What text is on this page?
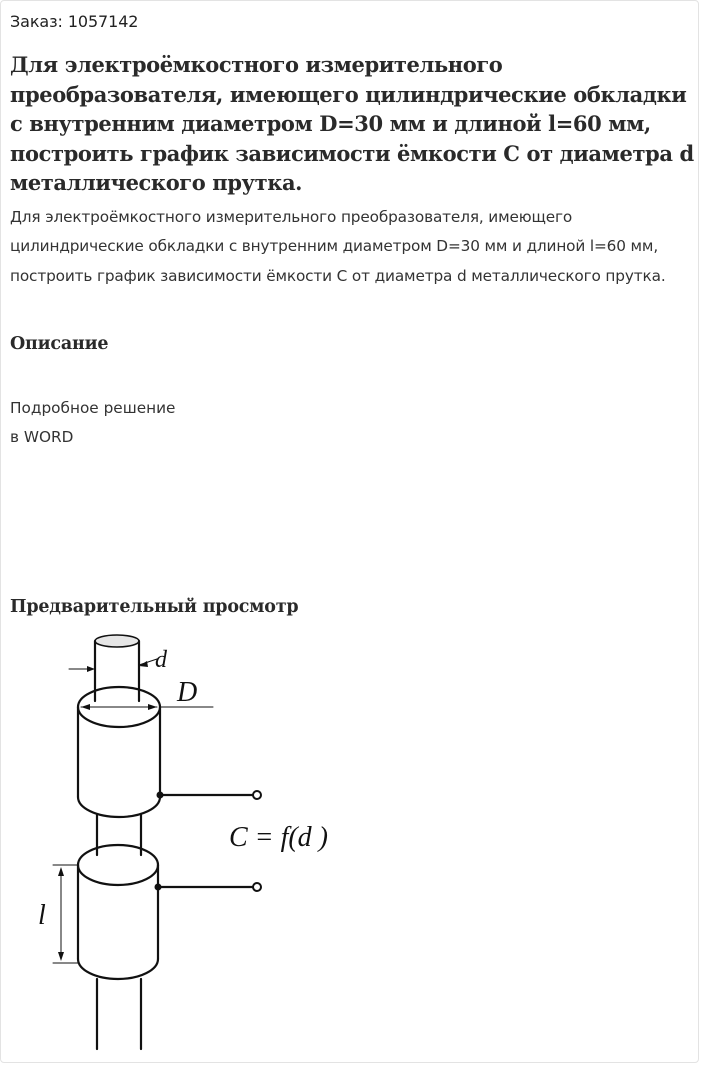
Заказ: 1057142

Для электроёмкостного измерительного преобразователя, имеющего цилиндрические обкладки с внутренним диаметром D=30 мм и длиной l=60 мм, построить график зависимости ёмкости C от диаметра d металлического прутка.

Для электроёмкостного измерительного преобразователя, имеющего цилиндрические обкладки с внутренним диаметром D=30 мм и длиной l=60 мм, построить график зависимости ёмкости C от диаметра d металлического прутка.

Описание
Подробное решение
в WORD
Предварительный просмотр
d
D
l
C = f(d )
